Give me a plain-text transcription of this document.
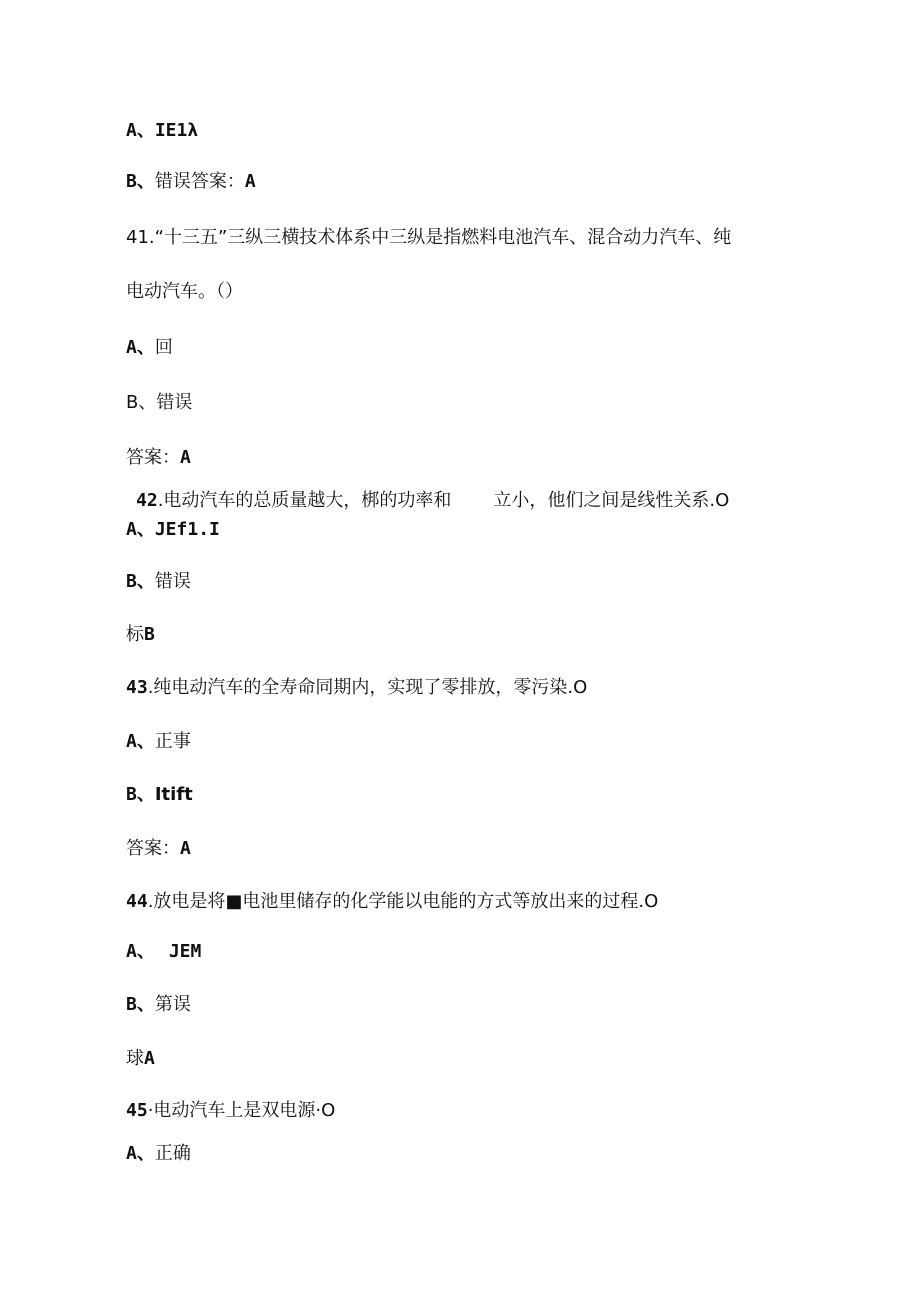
A、IE1λ
B、错误答案：A
41.“十三五”三纵三横技术体系中三纵是指燃料电池汽车、混合动力汽车、纯
电动汽车。（）
A、回
B、错误
答案：A
42.电动汽车的总质量越大，梆的功率和 立小，他们之间是线性关系.O
A、JEf1.I
B、错误
标B
43.纯电动汽车的全寿命同期内，实现了零排放，零污染.O
A、正事
B、Itift
答案：A
44.放电是将■电池里储存的化学能以电能的方式等放出来的过程.O
A、 JEM
B、第误
球A
45·电动汽车上是双电源·O
A、正确
